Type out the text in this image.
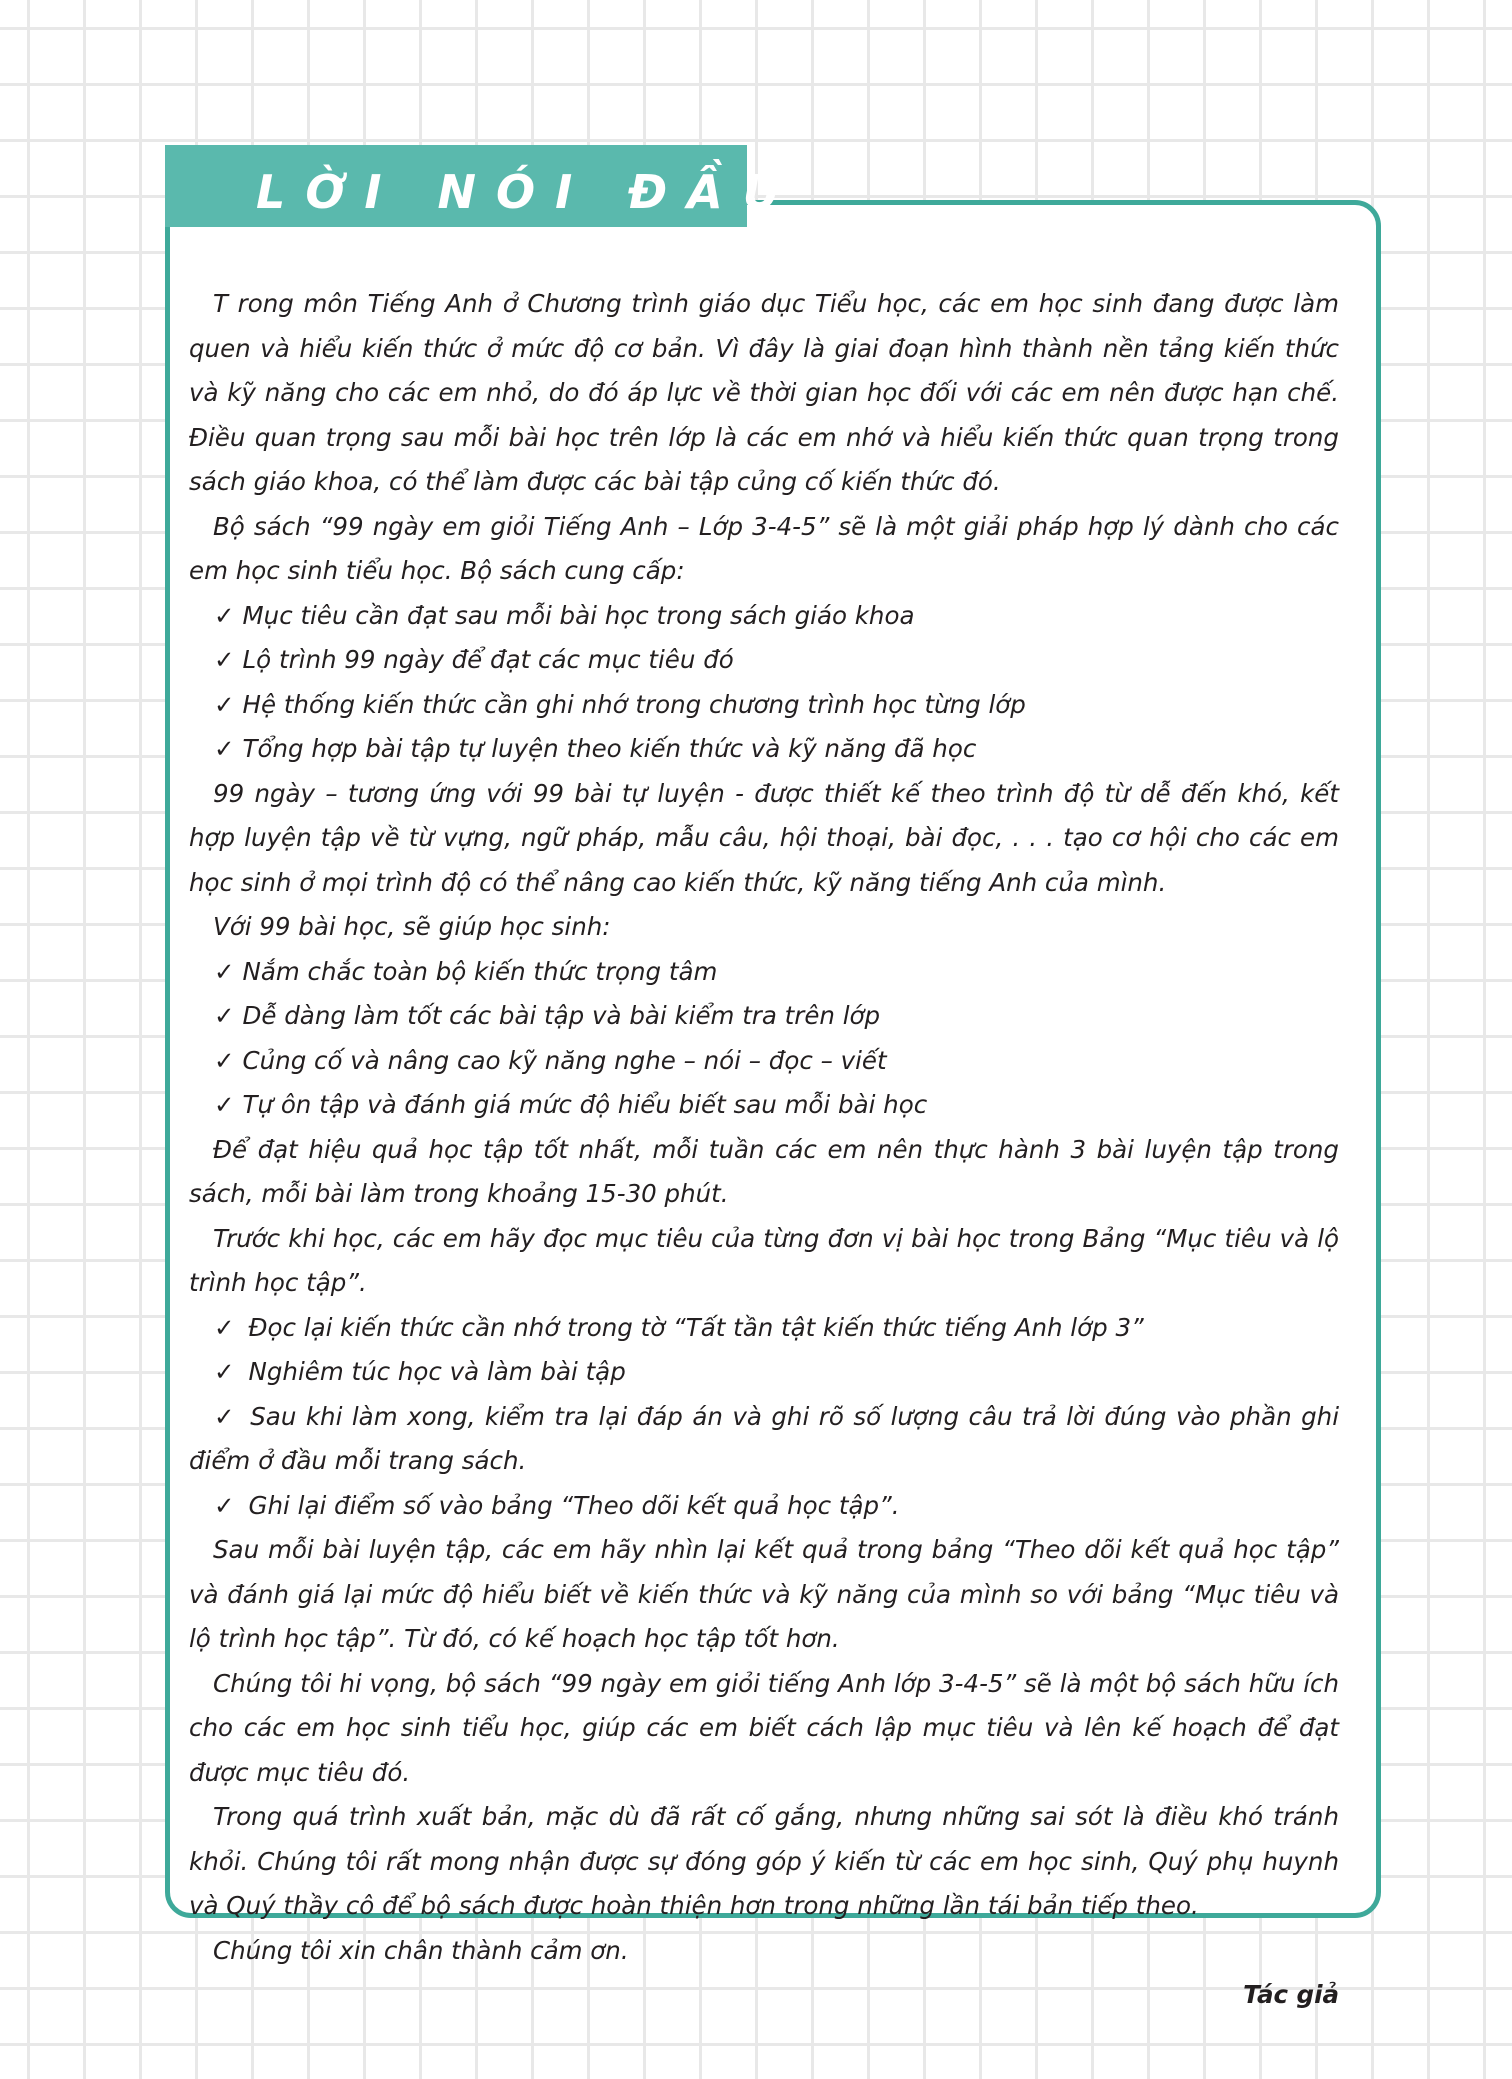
LỜI NÓI ĐẦU

T rong môn Tiếng Anh ở Chương trình giáo dục Tiểu học, các em học sinh đang được làm quen và hiểu kiến thức ở mức độ cơ bản. Vì đây là giai đoạn hình thành nền tảng kiến thức và kỹ năng cho các em nhỏ, do đó áp lực về thời gian học đối với các em nên được hạn chế. Điều quan trọng sau mỗi bài học trên lớp là các em nhớ và hiểu kiến thức quan trọng trong sách giáo khoa, có thể làm được các bài tập củng cố kiến thức đó.

Bộ sách “99 ngày em giỏi Tiếng Anh – Lớp 3-4-5” sẽ là một giải pháp hợp lý dành cho các em học sinh tiểu học. Bộ sách cung cấp:

✓ Mục tiêu cần đạt sau mỗi bài học trong sách giáo khoa

✓ Lộ trình 99 ngày để đạt các mục tiêu đó

✓ Hệ thống kiến thức cần ghi nhớ trong chương trình học từng lớp

✓ Tổng hợp bài tập tự luyện theo kiến thức và kỹ năng đã học

99 ngày – tương ứng với 99 bài tự luyện - được thiết kế theo trình độ từ dễ đến khó, kết hợp luyện tập về từ vựng, ngữ pháp, mẫu câu, hội thoại, bài đọc, . . . tạo cơ hội cho các em học sinh ở mọi trình độ có thể nâng cao kiến thức, kỹ năng tiếng Anh của mình.

Với 99 bài học, sẽ giúp học sinh:

✓ Nắm chắc toàn bộ kiến thức trọng tâm

✓ Dễ dàng làm tốt các bài tập và bài kiểm tra trên lớp

✓ Củng cố và nâng cao kỹ năng nghe – nói – đọc – viết

✓ Tự ôn tập và đánh giá mức độ hiểu biết sau mỗi bài học

Để đạt hiệu quả học tập tốt nhất, mỗi tuần các em nên thực hành 3 bài luyện tập trong sách, mỗi bài làm trong khoảng 15-30 phút.

Trước khi học, các em hãy đọc mục tiêu của từng đơn vị bài học trong Bảng “Mục tiêu và lộ trình học tập”.

✓ Đọc lại kiến thức cần nhớ trong tờ “Tất tần tật kiến thức tiếng Anh lớp 3”

✓ Nghiêm túc học và làm bài tập

✓ Sau khi làm xong, kiểm tra lại đáp án và ghi rõ số lượng câu trả lời đúng vào phần ghi điểm ở đầu mỗi trang sách.

✓ Ghi lại điểm số vào bảng “Theo dõi kết quả học tập”.

Sau mỗi bài luyện tập, các em hãy nhìn lại kết quả trong bảng “Theo dõi kết quả học tập” và đánh giá lại mức độ hiểu biết về kiến thức và kỹ năng của mình so với bảng “Mục tiêu và lộ trình học tập”. Từ đó, có kế hoạch học tập tốt hơn.

Chúng tôi hi vọng, bộ sách “99 ngày em giỏi tiếng Anh lớp 3-4-5” sẽ là một bộ sách hữu ích cho các em học sinh tiểu học, giúp các em biết cách lập mục tiêu và lên kế hoạch để đạt được mục tiêu đó.

Trong quá trình xuất bản, mặc dù đã rất cố gắng, nhưng những sai sót là điều khó tránh khỏi. Chúng tôi rất mong nhận được sự đóng góp ý kiến từ các em học sinh, Quý phụ huynh và Quý thầy cô để bộ sách được hoàn thiện hơn trong những lần tái bản tiếp theo.

Chúng tôi xin chân thành cảm ơn.

Tác giả
